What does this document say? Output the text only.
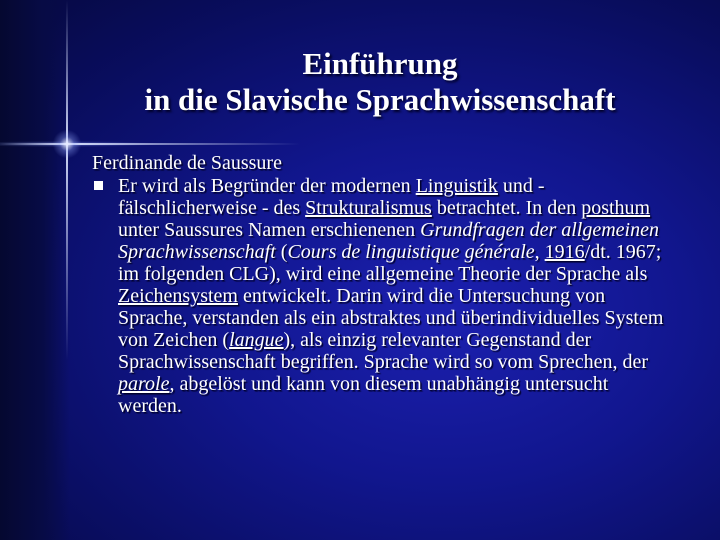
Einführung
in die Slavische Sprachwissenschaft
Ferdinande de Saussure
Er wird als Begründer der modernen Linguistik und - fälschlicherweise - des Strukturalismus betrachtet. In den posthum unter Saussures Namen erschienenen Grundfragen der allgemeinen Sprachwissenschaft (Cours de linguistique générale, 1916/dt. 1967; im folgenden CLG), wird eine allgemeine Theorie der Sprache als Zeichensystem entwickelt. Darin wird die Untersuchung von Sprache, verstanden als ein abstraktes und überindividuelles System von Zeichen (langue), als einzig relevanter Gegenstand der Sprachwissenschaft begriffen. Sprache wird so vom Sprechen, der parole, abgelöst und kann von diesem unabhängig untersucht werden.
